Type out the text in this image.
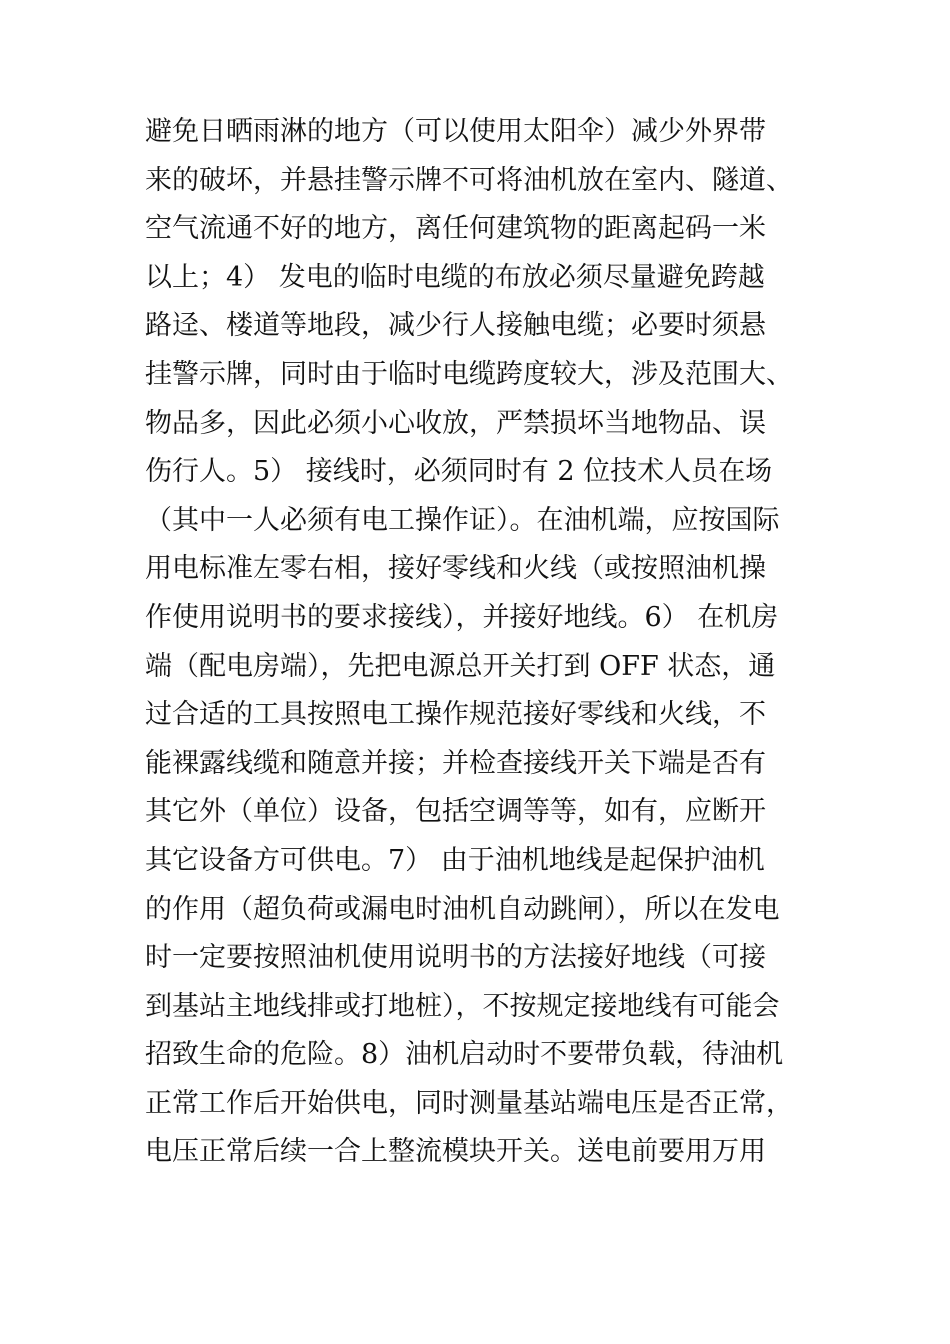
避免日晒雨淋的地方（可以使用太阳伞）减少外界带
来的破坏，并悬挂警示牌不可将油机放在室内、隧道、
空气流通不好的地方，离任何建筑物的距离起码一米
以上；4） 发电的临时电缆的布放必须尽量避免跨越
路迳、楼道等地段，减少行人接触电缆；必要时须悬
挂警示牌，同时由于临时电缆跨度较大，涉及范围大、
物品多，因此必须小心收放，严禁损坏当地物品、误
伤行人。5） 接线时，必须同时有 2 位技术人员在场
（其中一人必须有电工操作证）。在油机端，应按国际
用电标准左零右相，接好零线和火线（或按照油机操
作使用说明书的要求接线），并接好地线。6） 在机房
端（配电房端），先把电源总开关打到 OFF 状态，通
过合适的工具按照电工操作规范接好零线和火线，不
能裸露线缆和随意并接；并检查接线开关下端是否有
其它外（单位）设备，包括空调等等，如有，应断开
其它设备方可供电。7） 由于油机地线是起保护油机
的作用（超负荷或漏电时油机自动跳闸），所以在发电
时一定要按照油机使用说明书的方法接好地线（可接
到基站主地线排或打地桩），不按规定接地线有可能会
招致生命的危险。8）油机启动时不要带负载，待油机
正常工作后开始供电，同时测量基站端电压是否正常，
电压正常后续一合上整流模块开关。送电前要用万用
